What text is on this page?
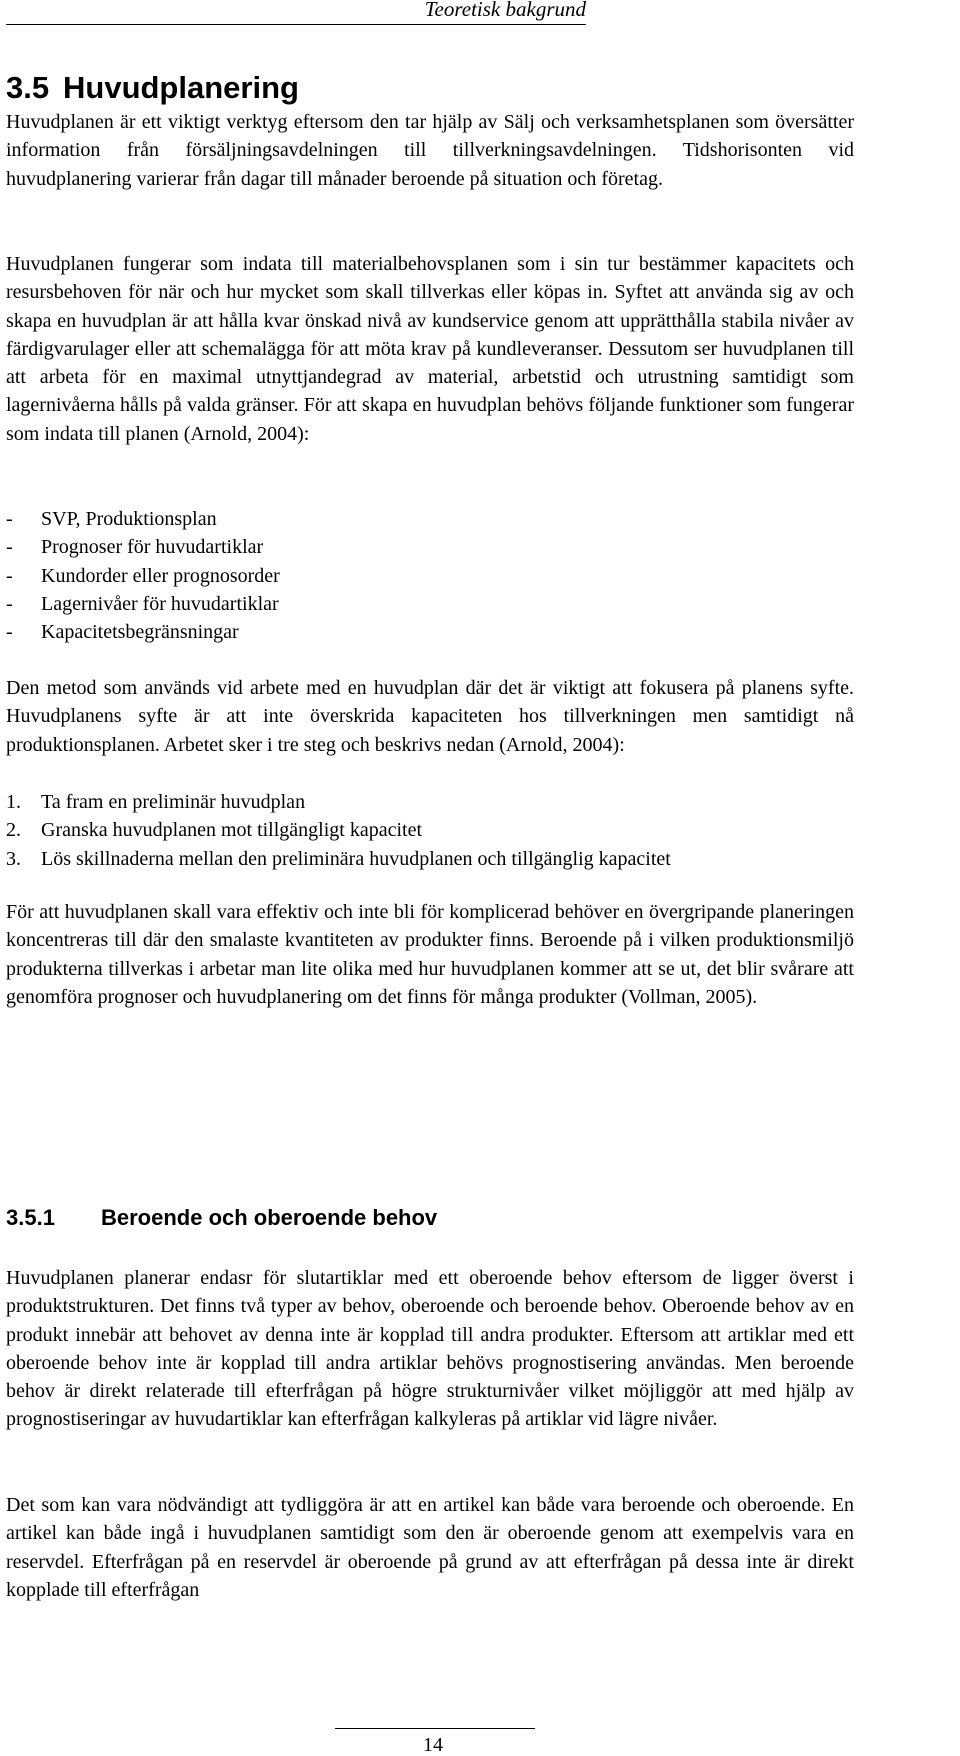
Teoretisk bakgrund
3.5 Huvudplanering
Huvudplanen är ett viktigt verktyg eftersom den tar hjälp av Sälj och verksamhetsplanen som översätter information från försäljningsavdelningen till tillverkningsavdelningen. Tidshorisonten vid huvudplanering varierar från dagar till månader beroende på situation och företag.
Huvudplanen fungerar som indata till materialbehovsplanen som i sin tur bestämmer kapacitets och resursbehoven för när och hur mycket som skall tillverkas eller köpas in. Syftet att använda sig av och skapa en huvudplan är att hålla kvar önskad nivå av kundservice genom att upprätthålla stabila nivåer av färdigvarulager eller att schemalägga för att möta krav på kundleveranser. Dessutom ser huvudplanen till att arbeta för en maximal utnyttjandegrad av material, arbetstid och utrustning samtidigt som lagernivåerna hålls på valda gränser. För att skapa en huvudplan behövs följande funktioner som fungerar som indata till planen (Arnold, 2004):
- SVP, Produktionsplan
- Prognoser för huvudartiklar
- Kundorder eller prognosorder
- Lagernivåer för huvudartiklar
- Kapacitetsbegränsningar
Den metod som används vid arbete med en huvudplan där det är viktigt att fokusera på planens syfte. Huvudplanens syfte är att inte överskrida kapaciteten hos tillverkningen men samtidigt nå produktionsplanen. Arbetet sker i tre steg och beskrivs nedan (Arnold, 2004):
1. Ta fram en preliminär huvudplan
2. Granska huvudplanen mot tillgängligt kapacitet
3. Lös skillnaderna mellan den preliminära huvudplanen och tillgänglig kapacitet
För att huvudplanen skall vara effektiv och inte bli för komplicerad behöver en övergripande planeringen koncentreras till där den smalaste kvantiteten av produkter finns. Beroende på i vilken produktionsmiljö produkterna tillverkas i arbetar man lite olika med hur huvudplanen kommer att se ut, det blir svårare att genomföra prognoser och huvudplanering om det finns för många produkter (Vollman, 2005).
3.5.1 Beroende och oberoende behov
Huvudplanen planerar endasr för slutartiklar med ett oberoende behov eftersom de ligger överst i produktstrukturen. Det finns två typer av behov, oberoende och beroende behov. Oberoende behov av en produkt innebär att behovet av denna inte är kopplad till andra produkter. Eftersom att artiklar med ett oberoende behov inte är kopplad till andra artiklar behövs prognostisering användas. Men beroende behov är direkt relaterade till efterfrågan på högre strukturnivåer vilket möjliggör att med hjälp av prognostiseringar av huvudartiklar kan efterfrågan kalkyleras på artiklar vid lägre nivåer.
Det som kan vara nödvändigt att tydliggöra är att en artikel kan både vara beroende och oberoende. En artikel kan både ingå i huvudplanen samtidigt som den är oberoende genom att exempelvis vara en reservdel. Efterfrågan på en reservdel är oberoende på grund av att efterfrågan på dessa inte är direkt kopplade till efterfrågan
14
